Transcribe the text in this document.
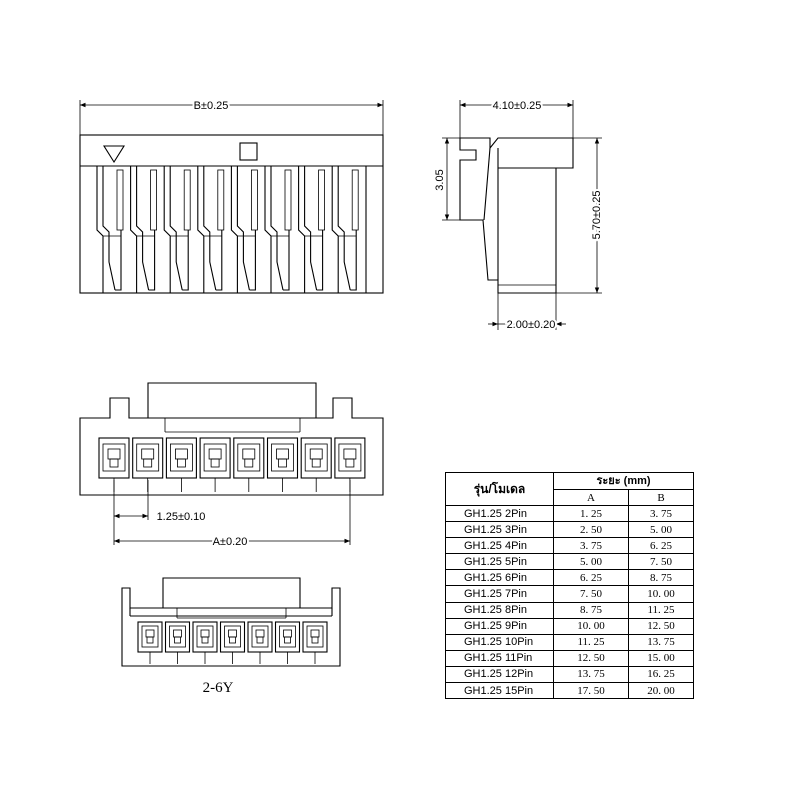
B±0.25	4.10±0.25
3.05
5.70±0.25
2.00±0.20
1.25±0.10
A±0.20
2-6Y
รุ่น/โมเดล	ระยะ (mm)	
	A	B
GH1.25 2Pin	1. 25	3. 75
GH1.25 3Pin	2. 50	5. 00
GH1.25 4Pin	3. 75	6. 25
GH1.25 5Pin	5. 00	7. 50
GH1.25 6Pin	6. 25	8. 75
GH1.25 7Pin	7. 50	10. 00
GH1.25 8Pin	8. 75	11. 25
GH1.25 9Pin	10. 00	12. 50
GH1.25 10Pin	11. 25	13. 75
GH1.25 11Pin	12. 50	15. 00
GH1.25 12Pin	13. 75	16. 25
GH1.25 15Pin	17. 50	20. 00
